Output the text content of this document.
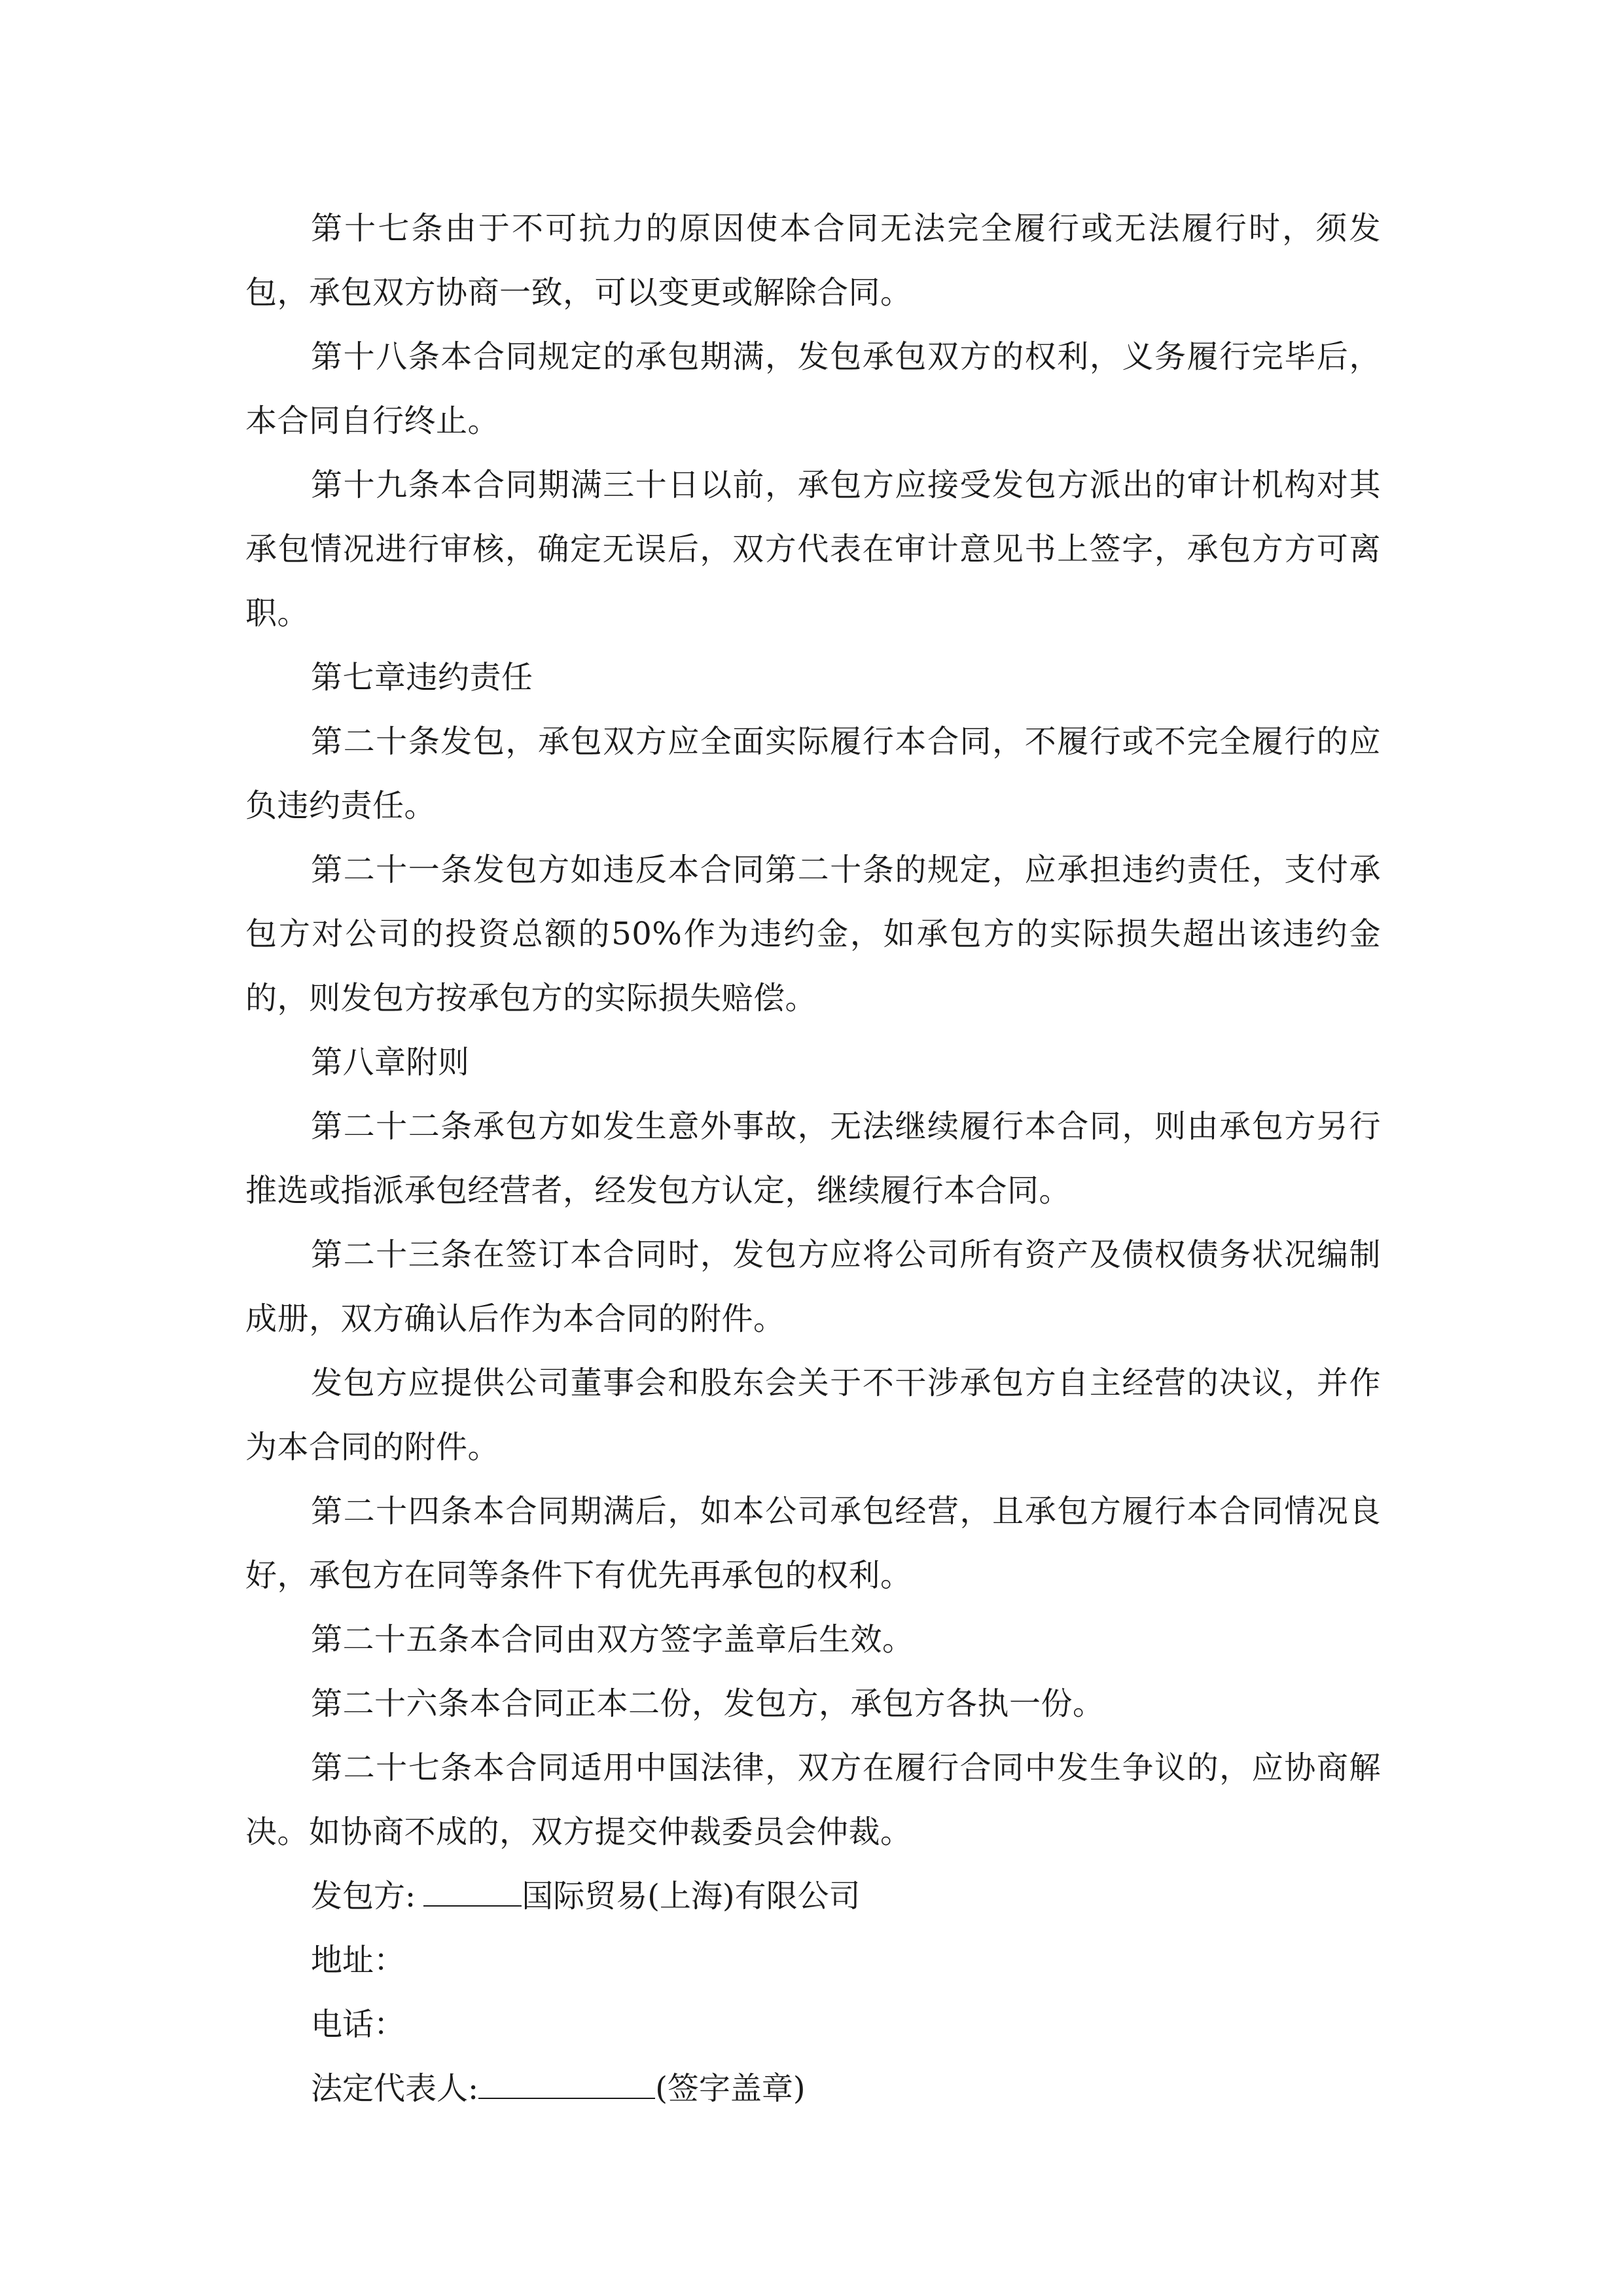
第十七条由于不可抗力的原因使本合同无法完全履行或无法履行时，须发包，承包双方协商一致，可以变更或解除合同。

第十八条本合同规定的承包期满，发包承包双方的权利，义务履行完毕后，本合同自行终止。

第十九条本合同期满三十日以前，承包方应接受发包方派出的审计机构对其承包情况进行审核，确定无误后，双方代表在审计意见书上签字，承包方方可离职。

第七章违约责任

第二十条发包，承包双方应全面实际履行本合同，不履行或不完全履行的应负违约责任。

第二十一条发包方如违反本合同第二十条的规定，应承担违约责任，支付承包方对公司的投资总额的50%作为违约金，如承包方的实际损失超出该违约金的，则发包方按承包方的实际损失赔偿。

第八章附则

第二十二条承包方如发生意外事故，无法继续履行本合同，则由承包方另行推选或指派承包经营者，经发包方认定，继续履行本合同。

第二十三条在签订本合同时，发包方应将公司所有资产及债权债务状况编制成册，双方确认后作为本合同的附件。

发包方应提供公司董事会和股东会关于不干涉承包方自主经营的决议，并作为本合同的附件。

第二十四条本合同期满后，如本公司承包经营，且承包方履行本合同情况良好，承包方在同等条件下有优先再承包的权利。

第二十五条本合同由双方签字盖章后生效。

第二十六条本合同正本二份，发包方，承包方各执一份。

第二十七条本合同适用中国法律，双方在履行合同中发生争议的，应协商解决。如协商不成的，双方提交仲裁委员会仲裁。

发包方:	国际贸易(上海)有限公司
地址：
电话：
法定代表人:	(签字盖章)
